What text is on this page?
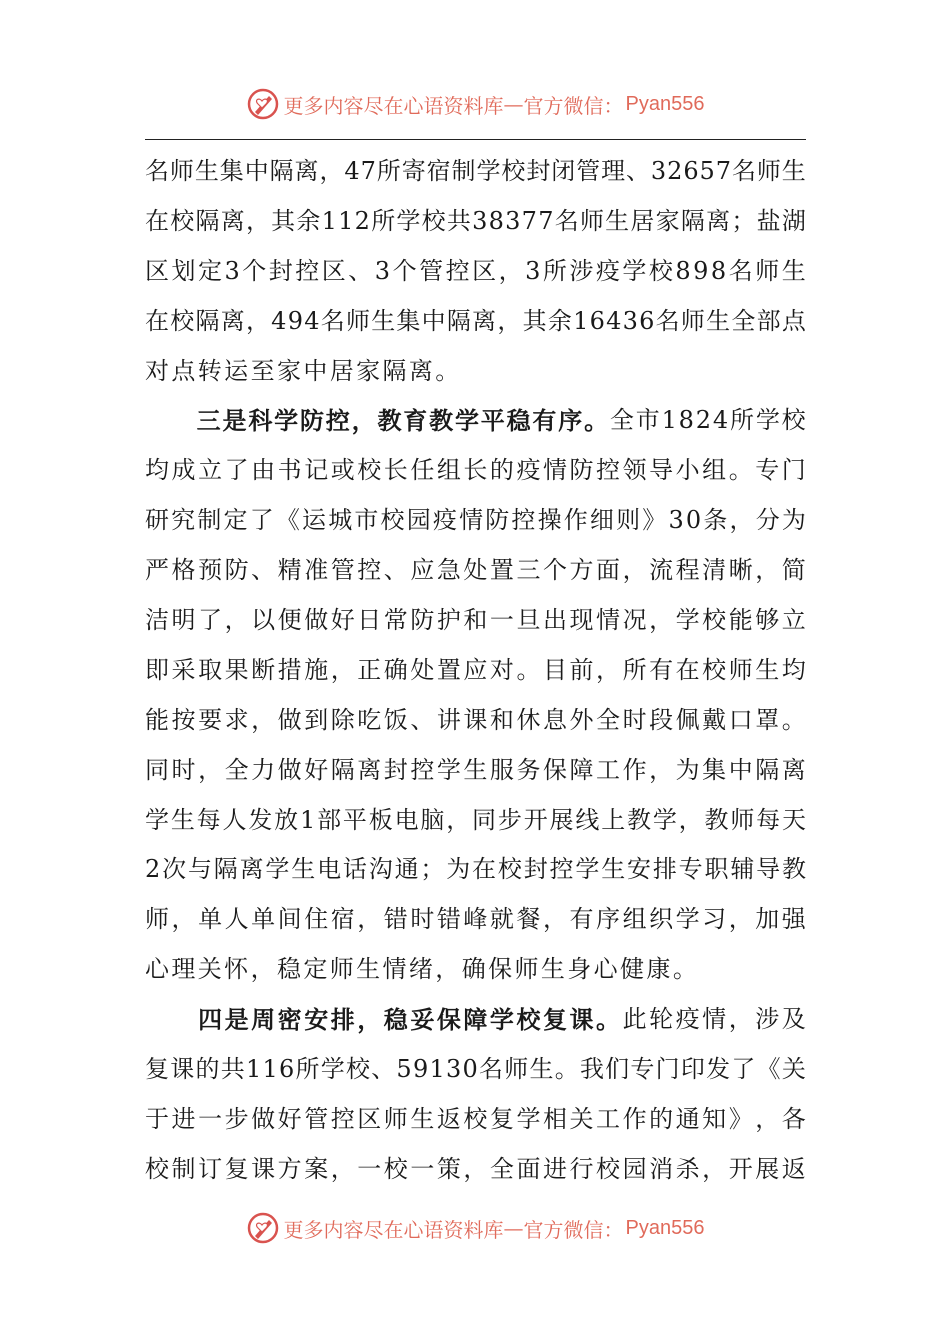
更多内容尽在心语资料库 — 官方微信： Pyan556
名 师 生 集 中 隔 离 ， 4 7 所 寄 宿 制 学 校 封 闭 管 理 、 3 2 6 5 7 名 师 生
在 校 隔 离 ， 其 余 1 1 2 所 学 校 共 3 8 3 7 7 名 师 生 居 家 隔 离 ； 盐 湖
区 划 定 3 个 封 控 区 、 3 个 管 控 区 ， 3 所 涉 疫 学 校 8 9 8 名 师 生
在 校 隔 离 ， 4 9 4 名 师 生 集 中 隔 离 ， 其 余 1 6 4 3 6 名 师 生 全 部 点
对 点 转 运 至 家 中 居 家 隔 离 。

三 是 科 学 防 控 ， 教 育 教 学 平 稳 有 序 。 全 市 1 8 2 4 所 学 校
均 成 立 了 由 书 记 或 校 长 任 组 长 的 疫 情 防 控 领 导 小 组 。 专 门
研 究 制 定 了 《 运 城 市 校 园 疫 情 防 控 操 作 细 则 》 3 0 条 ， 分 为
严 格 预 防 、 精 准 管 控 、 应 急 处 置 三 个 方 面 ， 流 程 清 晰 ， 简
洁 明 了 ， 以 便 做 好 日 常 防 护 和 一 旦 出 现 情 况 ， 学 校 能 够 立
即 采 取 果 断 措 施 ， 正 确 处 置 应 对 。 目 前 ， 所 有 在 校 师 生 均
能 按 要 求 ， 做 到 除 吃 饭 、 讲 课 和 休 息 外 全 时 段 佩 戴 口 罩 。
同 时 ， 全 力 做 好 隔 离 封 控 学 生 服 务 保 障 工 作 ， 为 集 中 隔 离
学 生 每 人 发 放 1 部 平 板 电 脑 ， 同 步 开 展 线 上 教 学 ， 教 师 每 天
2 次 与 隔 离 学 生 电 话 沟 通 ； 为 在 校 封 控 学 生 安 排 专 职 辅 导 教
师 ， 单 人 单 间 住 宿 ， 错 时 错 峰 就 餐 ， 有 序 组 织 学 习 ， 加 强
心 理 关 怀 ， 稳 定 师 生 情 绪 ， 确 保 师 生 身 心 健 康 。

四 是 周 密 安 排 ， 稳 妥 保 障 学 校 复 课 。 此 轮 疫 情 ， 涉 及
复 课 的 共 1 1 6 所 学 校 、 5 9 1 3 0 名 师 生 。 我 们 专 门 印 发 了 《 关
于 进 一 步 做 好 管 控 区 师 生 返 校 复 学 相 关 工 作 的 通 知 》 ， 各
校 制 订 复 课 方 案 ， 一 校 一 策 ， 全 面 进 行 校 园 消 杀 ， 开 展 返
更多内容尽在心语资料库 — 官方微信： Pyan556
